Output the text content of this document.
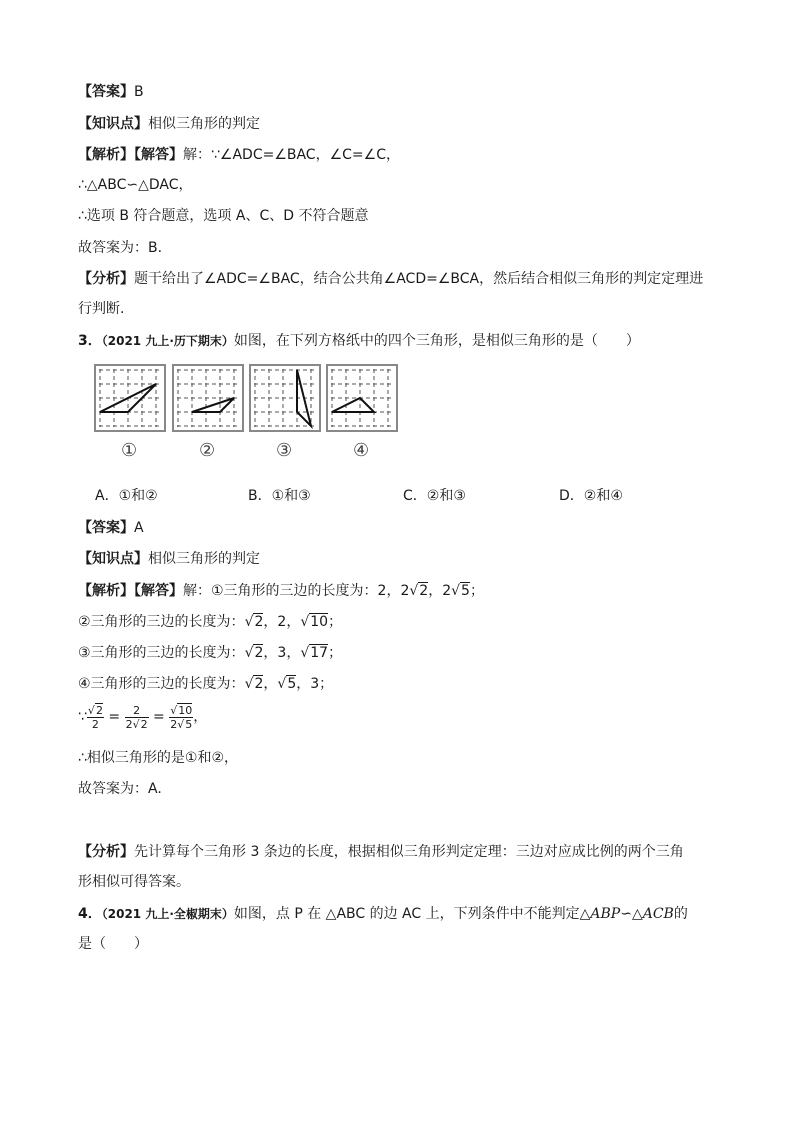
【答案】B
【知识点】相似三角形的判定
【解析】【解答】解：∵∠ADC=∠BAC，∠C=∠C，
∴△ABC∽△DAC，
∴选项 B 符合题意，选项 A、C、D 不符合题意
故答案为：B.
【分析】题干给出了∠ADC=∠BAC，结合公共角∠ACD=∠BCA，然后结合相似三角形的判定定理进
行判断.
3．（2021 九上·历下期末）如图，在下列方格纸中的四个三角形，是相似三角形的是（　　）
①	②	③	④
A．①和②	B．①和③	C．②和③	D．②和④
【答案】A
【知识点】相似三角形的判定
【解析】【解答】解：①三角形的三边的长度为：2，2√2，2√5；
②三角形的三边的长度为：√2，2，√10；
③三角形的三边的长度为：√2，3，√17；
④三角形的三边的长度为：√2，√5，3；
∵ $\frac{√2}{2} = \frac{2}{2√2} = \frac{√10}{2√5}$ ，
∴相似三角形的是①和②，
故答案为：A.
【分析】先计算每个三角形 3 条边的长度，根据相似三角形判定定理：三边对应成比例的两个三角
形相似可得答案。
4．（2021 九上·全椒期末）如图，点 P 在 △ABC 的边 AC 上，下列条件中不能判定△ABP∽△ACB的
是（　　）
